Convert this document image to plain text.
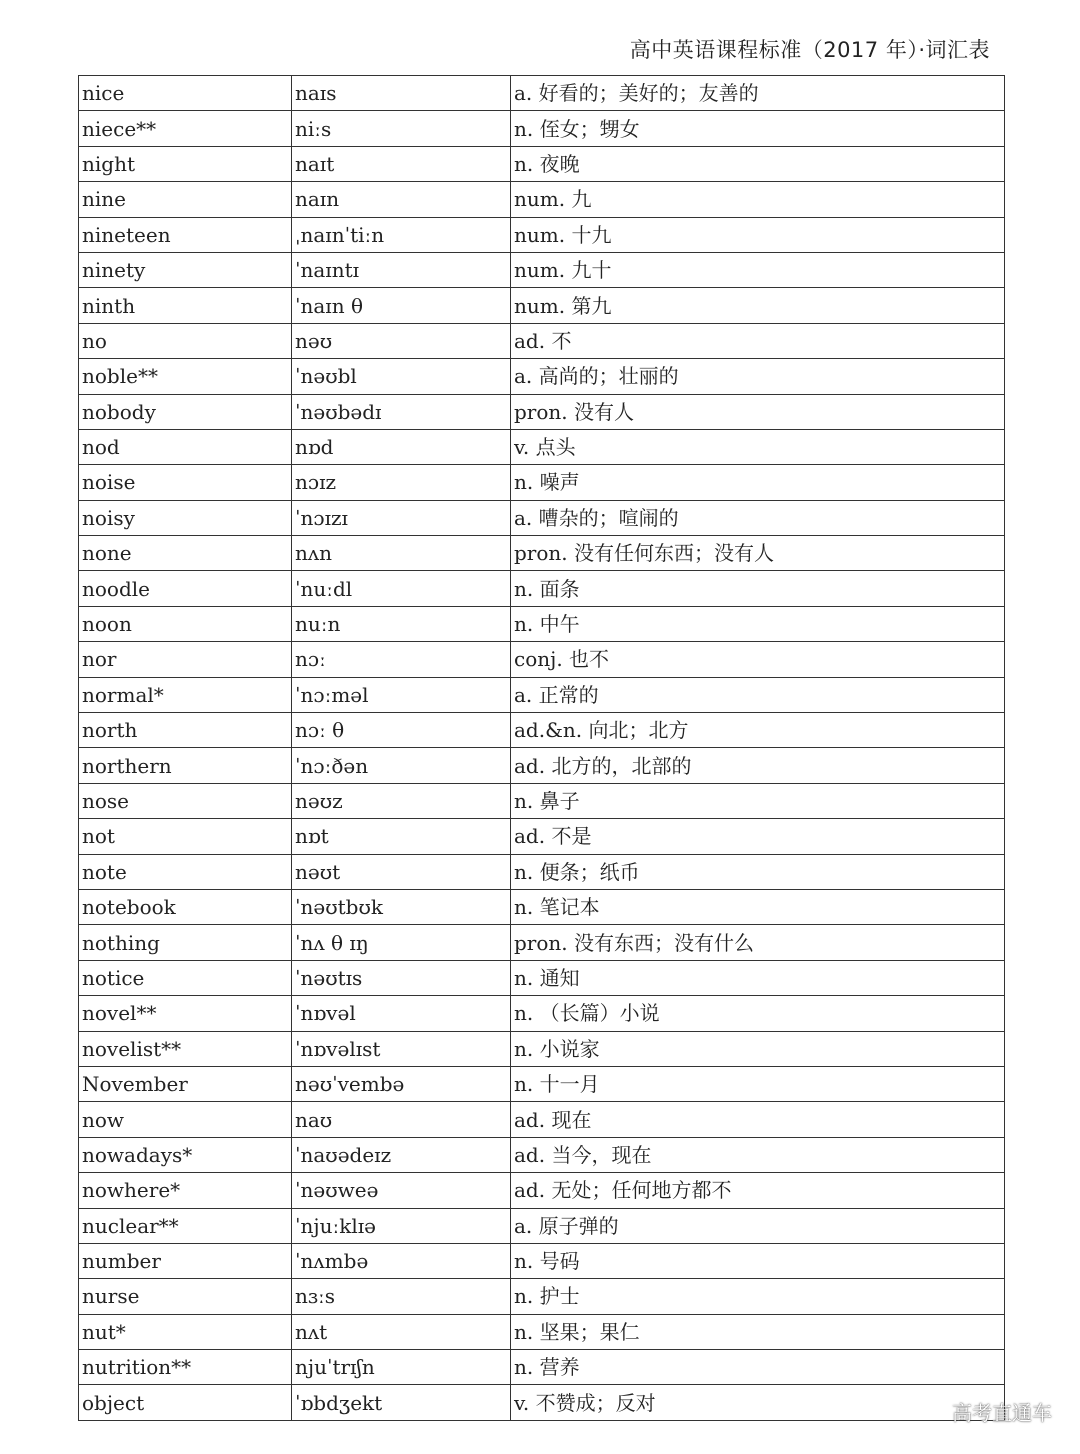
高中英语课程标准（2017 年）·词汇表
nice	naɪs	a. 好看的；美好的；友善的
niece**	niːs	n. 侄女；甥女
night	naɪt	n. 夜晚
nine	naɪn	num. 九
nineteen	ˌnaɪnˈtiːn	num. 十九
ninety	ˈnaɪntɪ	num. 九十
ninth	ˈnaɪn θ	num. 第九
no	nəʊ	ad. 不
noble**	ˈnəʊbl	a. 高尚的；壮丽的
nobody	ˈnəʊbədɪ	pron. 没有人
nod	nɒd	v. 点头
noise	nɔɪz	n. 噪声
noisy	ˈnɔɪzɪ	a. 嘈杂的；喧闹的
none	nʌn	pron. 没有任何东西；没有人
noodle	ˈnuːdl	n. 面条
noon	nuːn	n. 中午
nor	nɔː	conj. 也不
normal*	ˈnɔːməl	a. 正常的
north	nɔː θ	ad.&n. 向北；北方
northern	ˈnɔːðən	ad. 北方的，北部的
nose	nəʊz	n. 鼻子
not	nɒt	ad. 不是
note	nəʊt	n. 便条；纸币
notebook	ˈnəʊtbʊk	n. 笔记本
nothing	ˈnʌ θ ɪŋ	pron. 没有东西；没有什么
notice	ˈnəʊtɪs	n. 通知
novel**	ˈnɒvəl	n. （长篇）小说
novelist**	ˈnɒvəlɪst	n. 小说家
November	nəʊˈvembə	n. 十一月
now	naʊ	ad. 现在
nowadays*	ˈnaʊədeɪz	ad. 当今，现在
nowhere*	ˈnəʊweə	ad. 无处；任何地方都不
nuclear**	ˈnjuːklɪə	a. 原子弹的
number	ˈnʌmbə	n. 号码
nurse	nɜːs	n. 护士
nut*	nʌt	n. 坚果；果仁
nutrition**	njuˈtrɪʃn	n. 营养
object	ˈɒbdʒekt	v. 不赞成；反对	高考直通车
